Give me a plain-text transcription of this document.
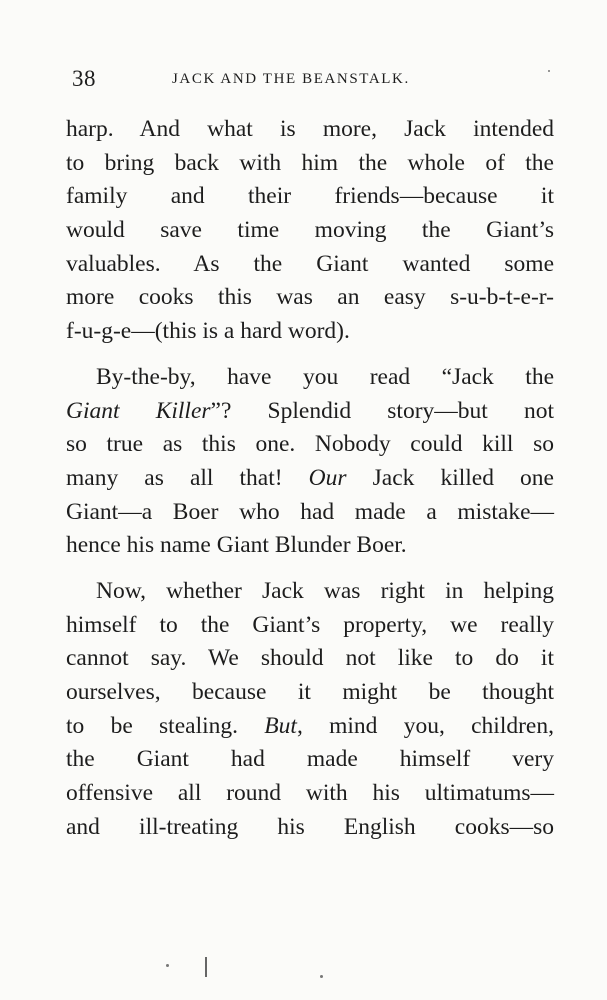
38	JACK AND THE BEANSTALK.

harp. And what is more, Jack intended
to bring back with him the whole of the
family and their friends—because it
would save time moving the Giant’s
valuables. As the Giant wanted some
more cooks this was an easy s-u-b-t-e-r-
f-u-g-e—(this is a hard word).

By-the-by, have you read “Jack the
Giant Killer”? Splendid story—but not
so true as this one. Nobody could kill so
many as all that! Our Jack killed one
Giant—a Boer who had made a mistake—
hence his name Giant Blunder Boer.

Now, whether Jack was right in helping
himself to the Giant’s property, we really
cannot say. We should not like to do it
ourselves, because it might be thought
to be stealing. But, mind you, children,
the Giant had made himself very
offensive all round with his ultimatums—
and ill-treating his English cooks—so
